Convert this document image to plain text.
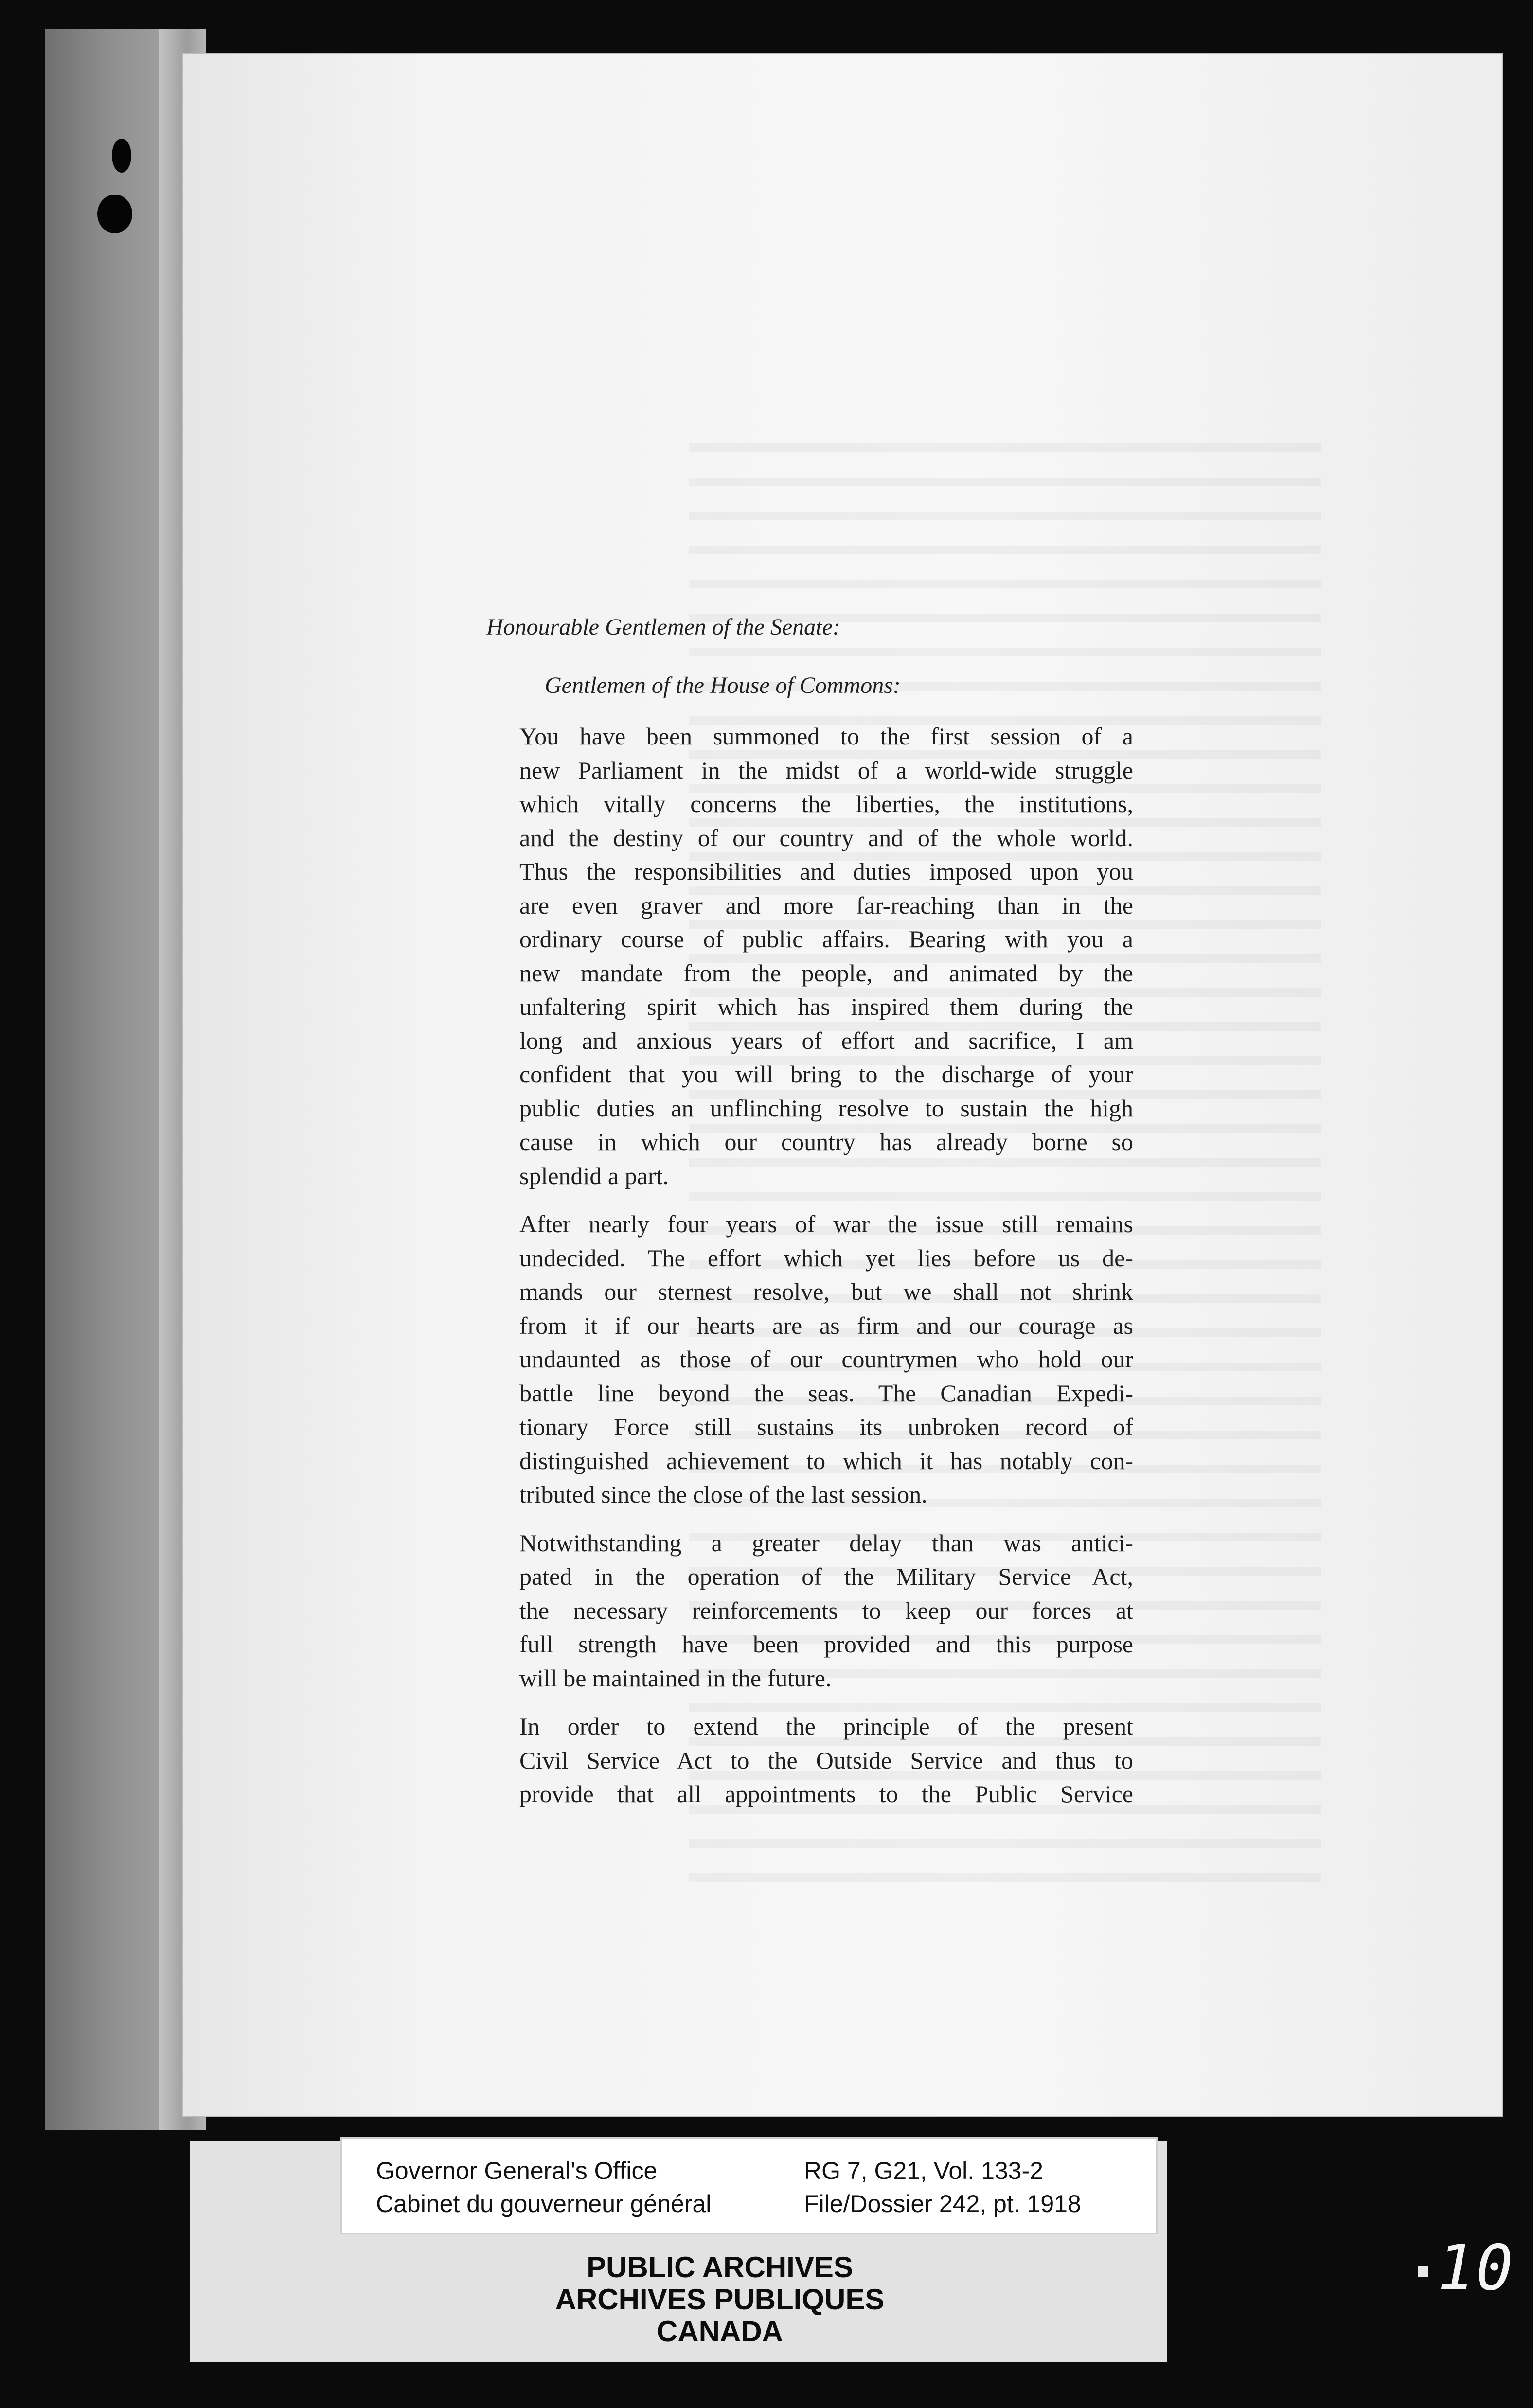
Honourable Gentlemen of the Senate:

Gentlemen of the House of Commons:

You have been summoned to the first session of a
new Parliament in the midst of a world-wide struggle
which vitally concerns the liberties, the institutions,
and the destiny of our country and of the whole world.
Thus the responsibilities and duties imposed upon you
are even graver and more far-reaching than in the
ordinary course of public affairs. Bearing with you a
new mandate from the people, and animated by the
unfaltering spirit which has inspired them during the
long and anxious years of effort and sacrifice, I am
confident that you will bring to the discharge of your
public duties an unflinching resolve to sustain the high
cause in which our country has already borne so
splendid a part.

After nearly four years of war the issue still remains
undecided. The effort which yet lies before us de-
mands our sternest resolve, but we shall not shrink
from it if our hearts are as firm and our courage as
undaunted as those of our countrymen who hold our
battle line beyond the seas. The Canadian Expedi-
tionary Force still sustains its unbroken record of
distinguished achievement to which it has notably con-
tributed since the close of the last session.

Notwithstanding a greater delay than was antici-
pated in the operation of the Military Service Act,
the necessary reinforcements to keep our forces at
full strength have been provided and this purpose
will be maintained in the future.

In order to extend the principle of the present
Civil Service Act to the Outside Service and thus to
provide that all appointments to the Public Service

Governor General's Office
Cabinet du gouverneur général
RG 7, G21, Vol. 133-2
File/Dossier 242, pt. 1918
PUBLIC ARCHIVES
ARCHIVES PUBLIQUES
CANADA
10
